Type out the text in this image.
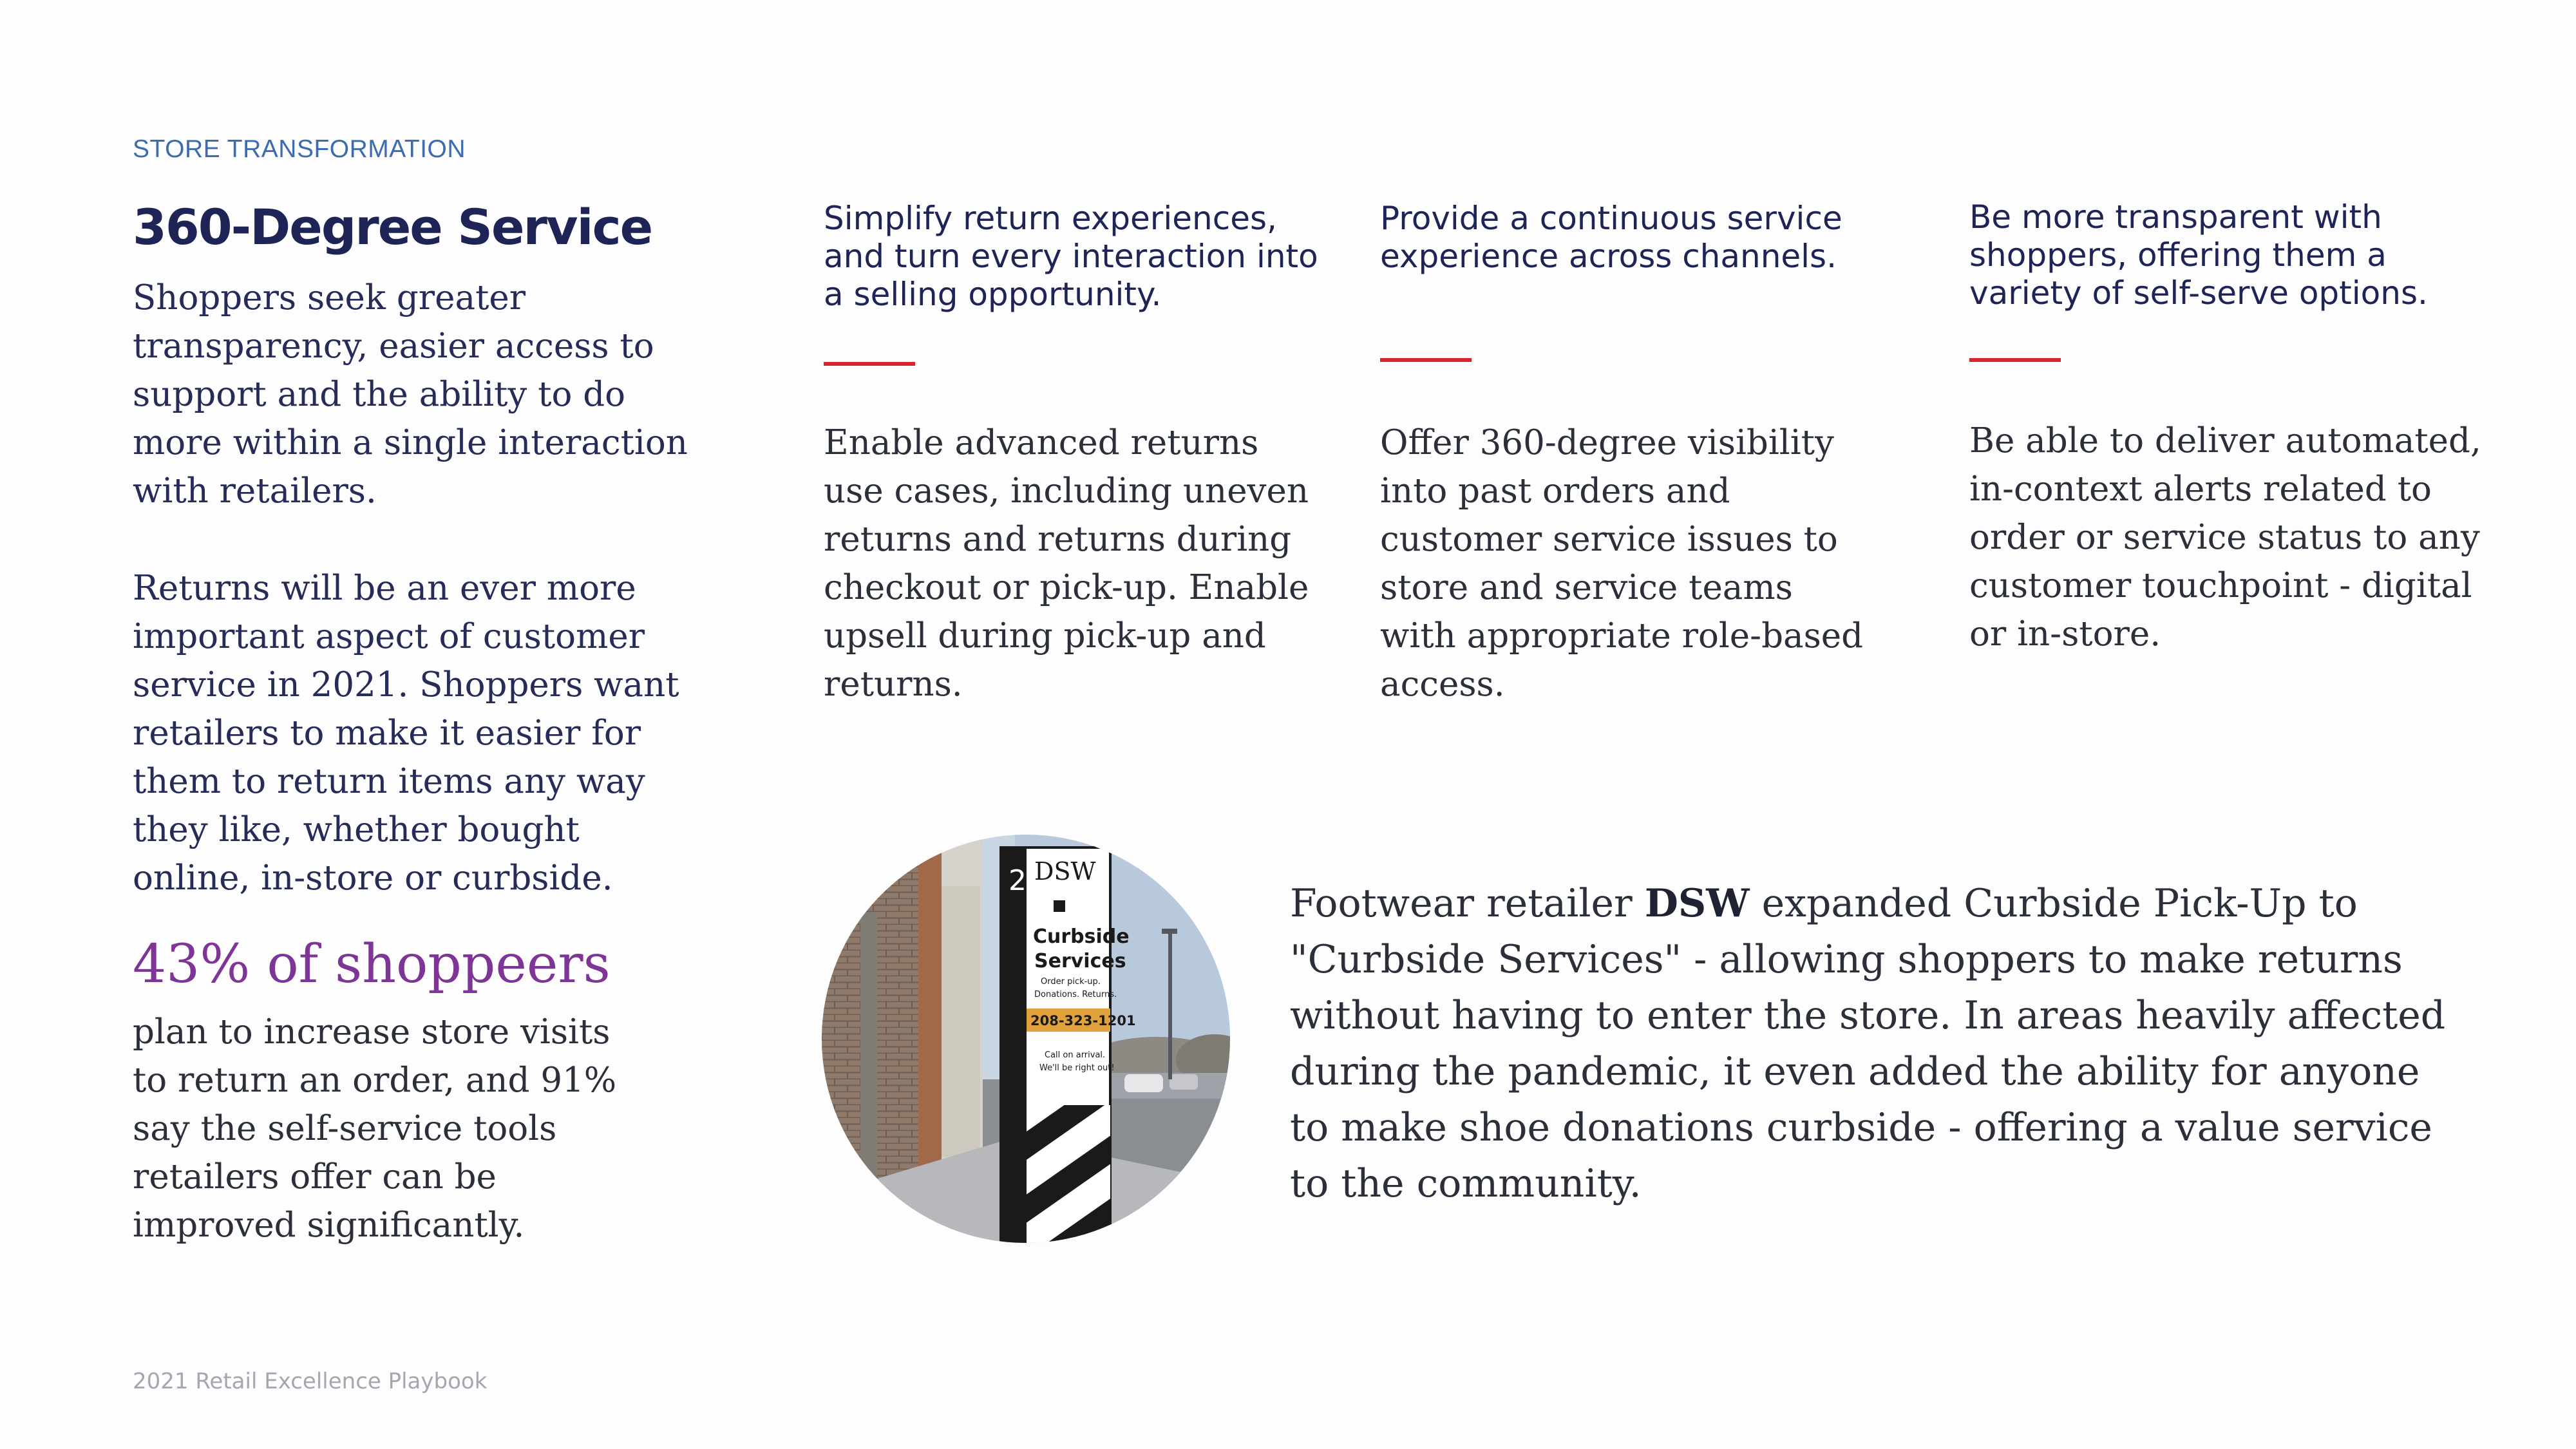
STORE TRANSFORMATION
360-Degree Service
Shoppers seek greater transparency, easier access to support and the ability to do more within a single interaction with retailers.
Returns will be an ever more important aspect of customer service in 2021. Shoppers want retailers to make it easier for them to return items any way they like, whether bought online, in-store or curbside.
43% of shoppeers
plan to increase store visits to return an order, and 91% say the self-service tools retailers offer can be improved significantly.
Simplify return experiences, and turn every interaction into a selling opportunity.
Enable advanced returns use cases, including uneven returns and returns during checkout or pick-up. Enable upsell during pick-up and returns.
Provide a continuous service experience across channels.
Offer 360-degree visibility into past orders and customer service issues to store and service teams with appropriate role-based access.
Be more transparent with shoppers, offering them a variety of self-serve options.
Be able to deliver automated, in-context alerts related to order or service status to any customer touchpoint - digital or in-store.
2 DSW
Curbside
Services
Order pick-up.
Donations. Returns.
208-323-1201
Call on arrival.
We'll be right out!
Footwear retailer DSW expanded Curbside Pick-Up to "Curbside Services" - allowing shoppers to make returns without having to enter the store. In areas heavily affected during the pandemic, it even added the ability for anyone to make shoe donations curbside - offering a value service to the community.
2021 Retail Excellence Playbook
